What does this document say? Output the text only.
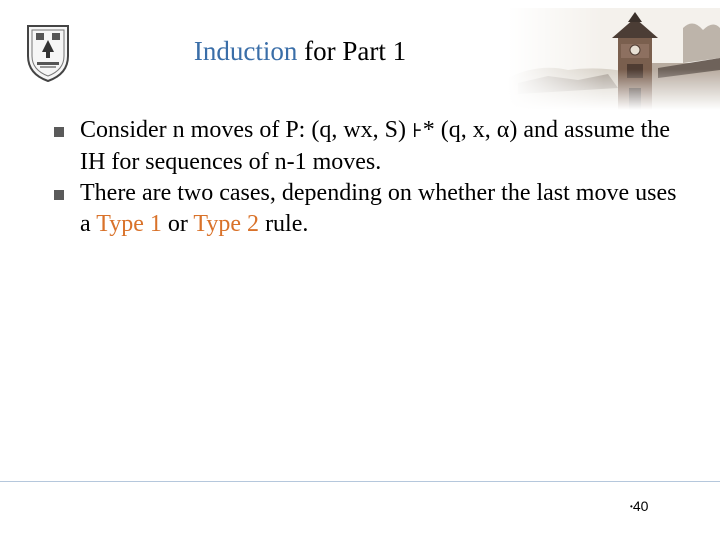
Induction for Part 1
Consider n moves of P: (q, wx, S) ⊦* (q, x, α) and assume the IH for sequences of n-1 moves.
There are two cases, depending on whether the last move uses a Type 1 or Type 2 rule.
•40
